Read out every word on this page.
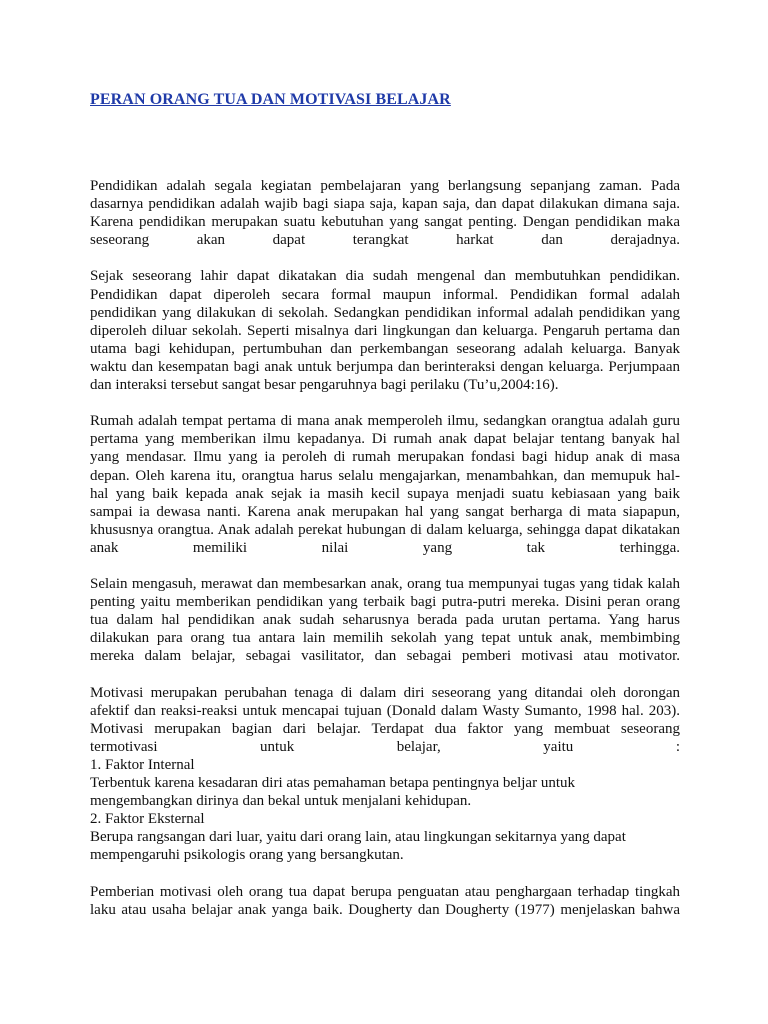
PERAN ORANG TUA DAN MOTIVASI BELAJAR
Pendidikan adalah segala kegiatan pembelajaran yang berlangsung sepanjang zaman. Pada
dasarnya pendidikan adalah wajib bagi siapa saja, kapan saja, dan dapat dilakukan dimana saja.
Karena pendidikan merupakan suatu kebutuhan yang sangat penting. Dengan pendidikan maka
seseorang akan dapat terangkat harkat dan derajadnya.
Sejak seseorang lahir dapat dikatakan dia sudah mengenal dan membutuhkan pendidikan.
Pendidikan dapat diperoleh secara formal maupun informal. Pendidikan formal adalah
pendidikan yang dilakukan di sekolah. Sedangkan pendidikan informal adalah pendidikan yang
diperoleh diluar sekolah. Seperti misalnya dari lingkungan dan keluarga. Pengaruh pertama dan
utama bagi kehidupan, pertumbuhan dan perkembangan seseorang adalah keluarga. Banyak
waktu dan kesempatan bagi anak untuk berjumpa dan berinteraksi dengan keluarga. Perjumpaan
dan interaksi tersebut sangat besar pengaruhnya bagi perilaku (Tu’u,2004:16).
Rumah adalah tempat pertama di mana anak memperoleh ilmu, sedangkan orangtua adalah guru
pertama yang memberikan ilmu kepadanya. Di rumah anak dapat belajar tentang banyak hal
yang mendasar. Ilmu yang ia peroleh di rumah merupakan fondasi bagi hidup anak di masa
depan. Oleh karena itu, orangtua harus selalu mengajarkan, menambahkan, dan memupuk hal-
hal yang baik kepada anak sejak ia masih kecil supaya menjadi suatu kebiasaan yang baik
sampai ia dewasa nanti. Karena anak merupakan hal yang sangat berharga di mata siapapun,
khususnya orangtua. Anak adalah perekat hubungan di dalam keluarga, sehingga dapat dikatakan
anak memiliki nilai yang tak terhingga.
Selain mengasuh, merawat dan membesarkan anak, orang tua mempunyai tugas yang tidak kalah
penting yaitu memberikan pendidikan yang terbaik bagi putra-putri mereka. Disini peran orang
tua dalam hal pendidikan anak sudah seharusnya berada pada urutan pertama. Yang harus
dilakukan para orang tua antara lain memilih sekolah yang tepat untuk anak, membimbing
mereka dalam belajar, sebagai vasilitator, dan sebagai pemberi motivasi atau motivator.
Motivasi merupakan perubahan tenaga di dalam diri seseorang yang ditandai oleh dorongan
afektif dan reaksi-reaksi untuk mencapai tujuan (Donald dalam Wasty Sumanto, 1998 hal. 203).
Motivasi merupakan bagian dari belajar. Terdapat dua faktor yang membuat seseorang
termotivasi untuk belajar, yaitu :
1. Faktor Internal
Terbentuk karena kesadaran diri atas pemahaman betapa pentingnya beljar untuk
mengembangkan dirinya dan bekal untuk menjalani kehidupan.
2. Faktor Eksternal
Berupa rangsangan dari luar, yaitu dari orang lain, atau lingkungan sekitarnya yang dapat
mempengaruhi psikologis orang yang bersangkutan.
Pemberian motivasi oleh orang tua dapat berupa penguatan atau penghargaan terhadap tingkah
laku atau usaha belajar anak yanga baik. Dougherty dan Dougherty (1977) menjelaskan bahwa
